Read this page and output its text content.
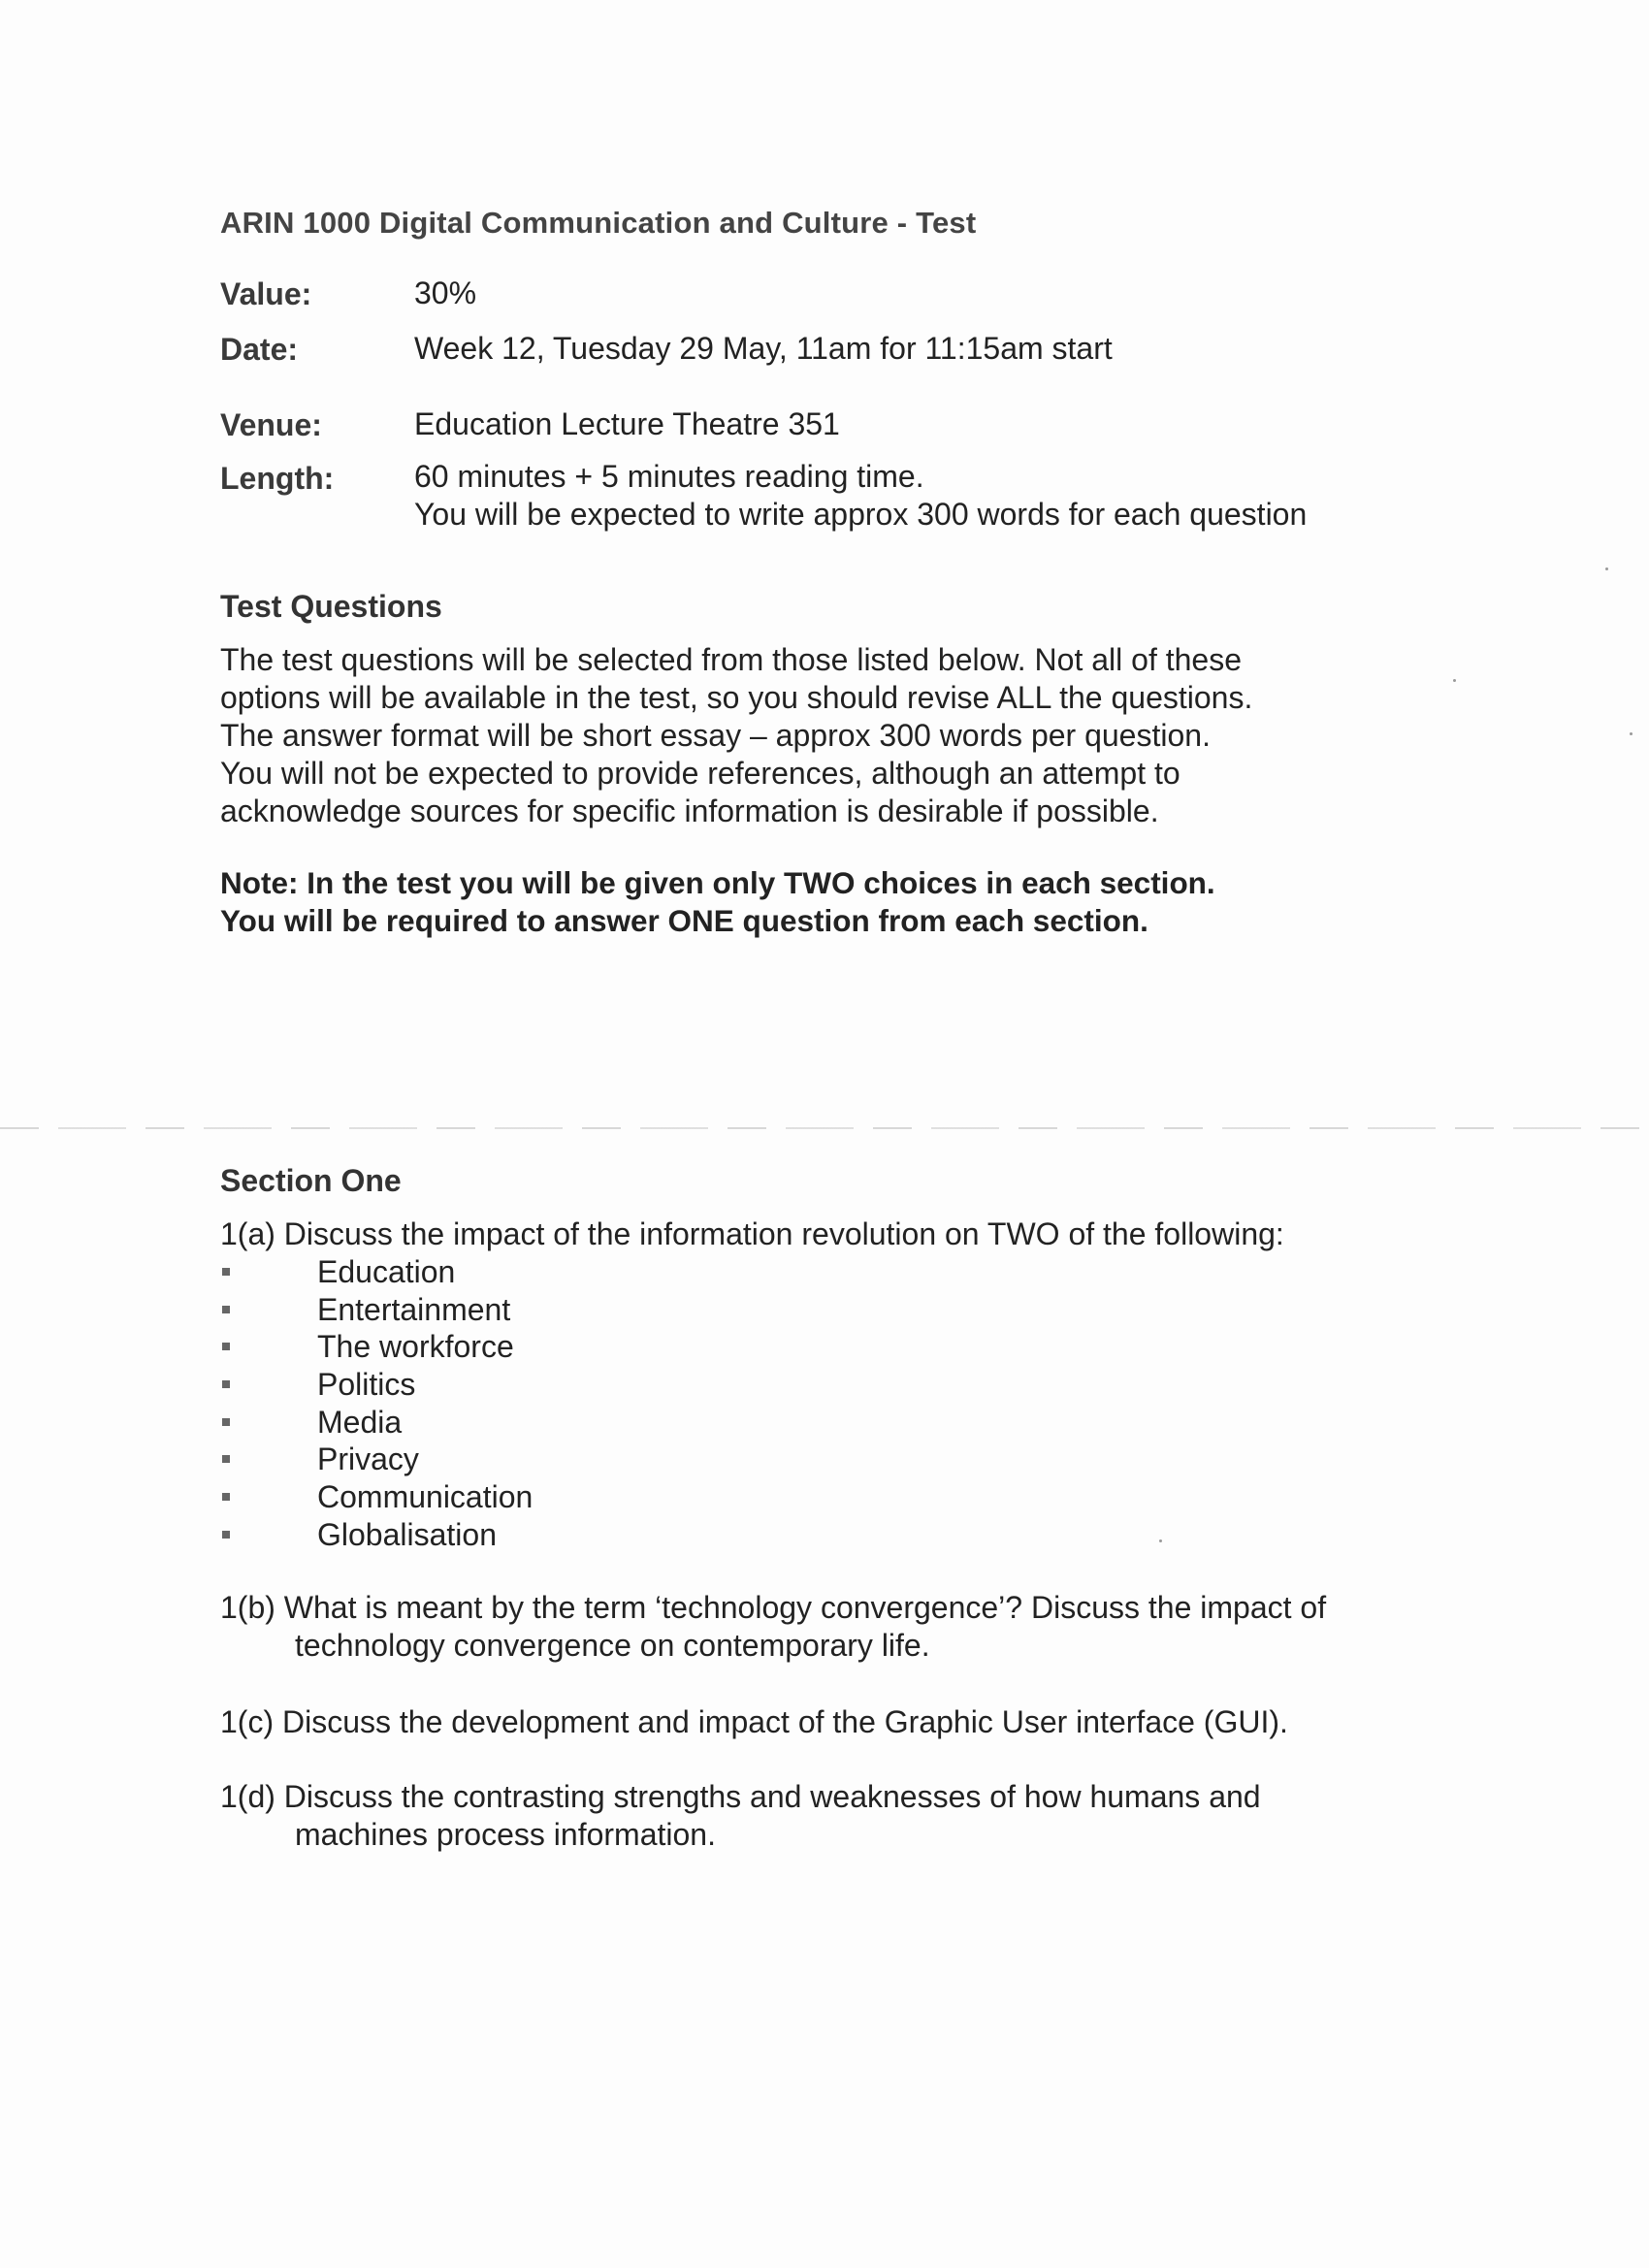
ARIN 1000 Digital Communication and Culture - Test
Value:	30%
Date:	Week 12, Tuesday 29 May, 11am for 11:15am start
Venue:	Education Lecture Theatre 351
Length:	60 minutes + 5 minutes reading time.
You will be expected to write approx 300 words for each question
Test Questions
The test questions will be selected from those listed below. Not all of these
options will be available in the test, so you should revise ALL the questions.
The answer format will be short essay – approx 300 words per question.
You will not be expected to provide references, although an attempt to
acknowledge sources for specific information is desirable if possible.
Note: In the test you will be given only TWO choices in each section.
You will be required to answer ONE question from each section.
Section One
1(a) Discuss the impact of the information revolution on TWO of the following:
Education
Entertainment
The workforce
Politics
Media
Privacy
Communication
Globalisation
1(b) What is meant by the term ‘technology convergence’? Discuss the impact of
technology convergence on contemporary life.
1(c) Discuss the development and impact of the Graphic User interface (GUI).
1(d) Discuss the contrasting strengths and weaknesses of how humans and
machines process information.
